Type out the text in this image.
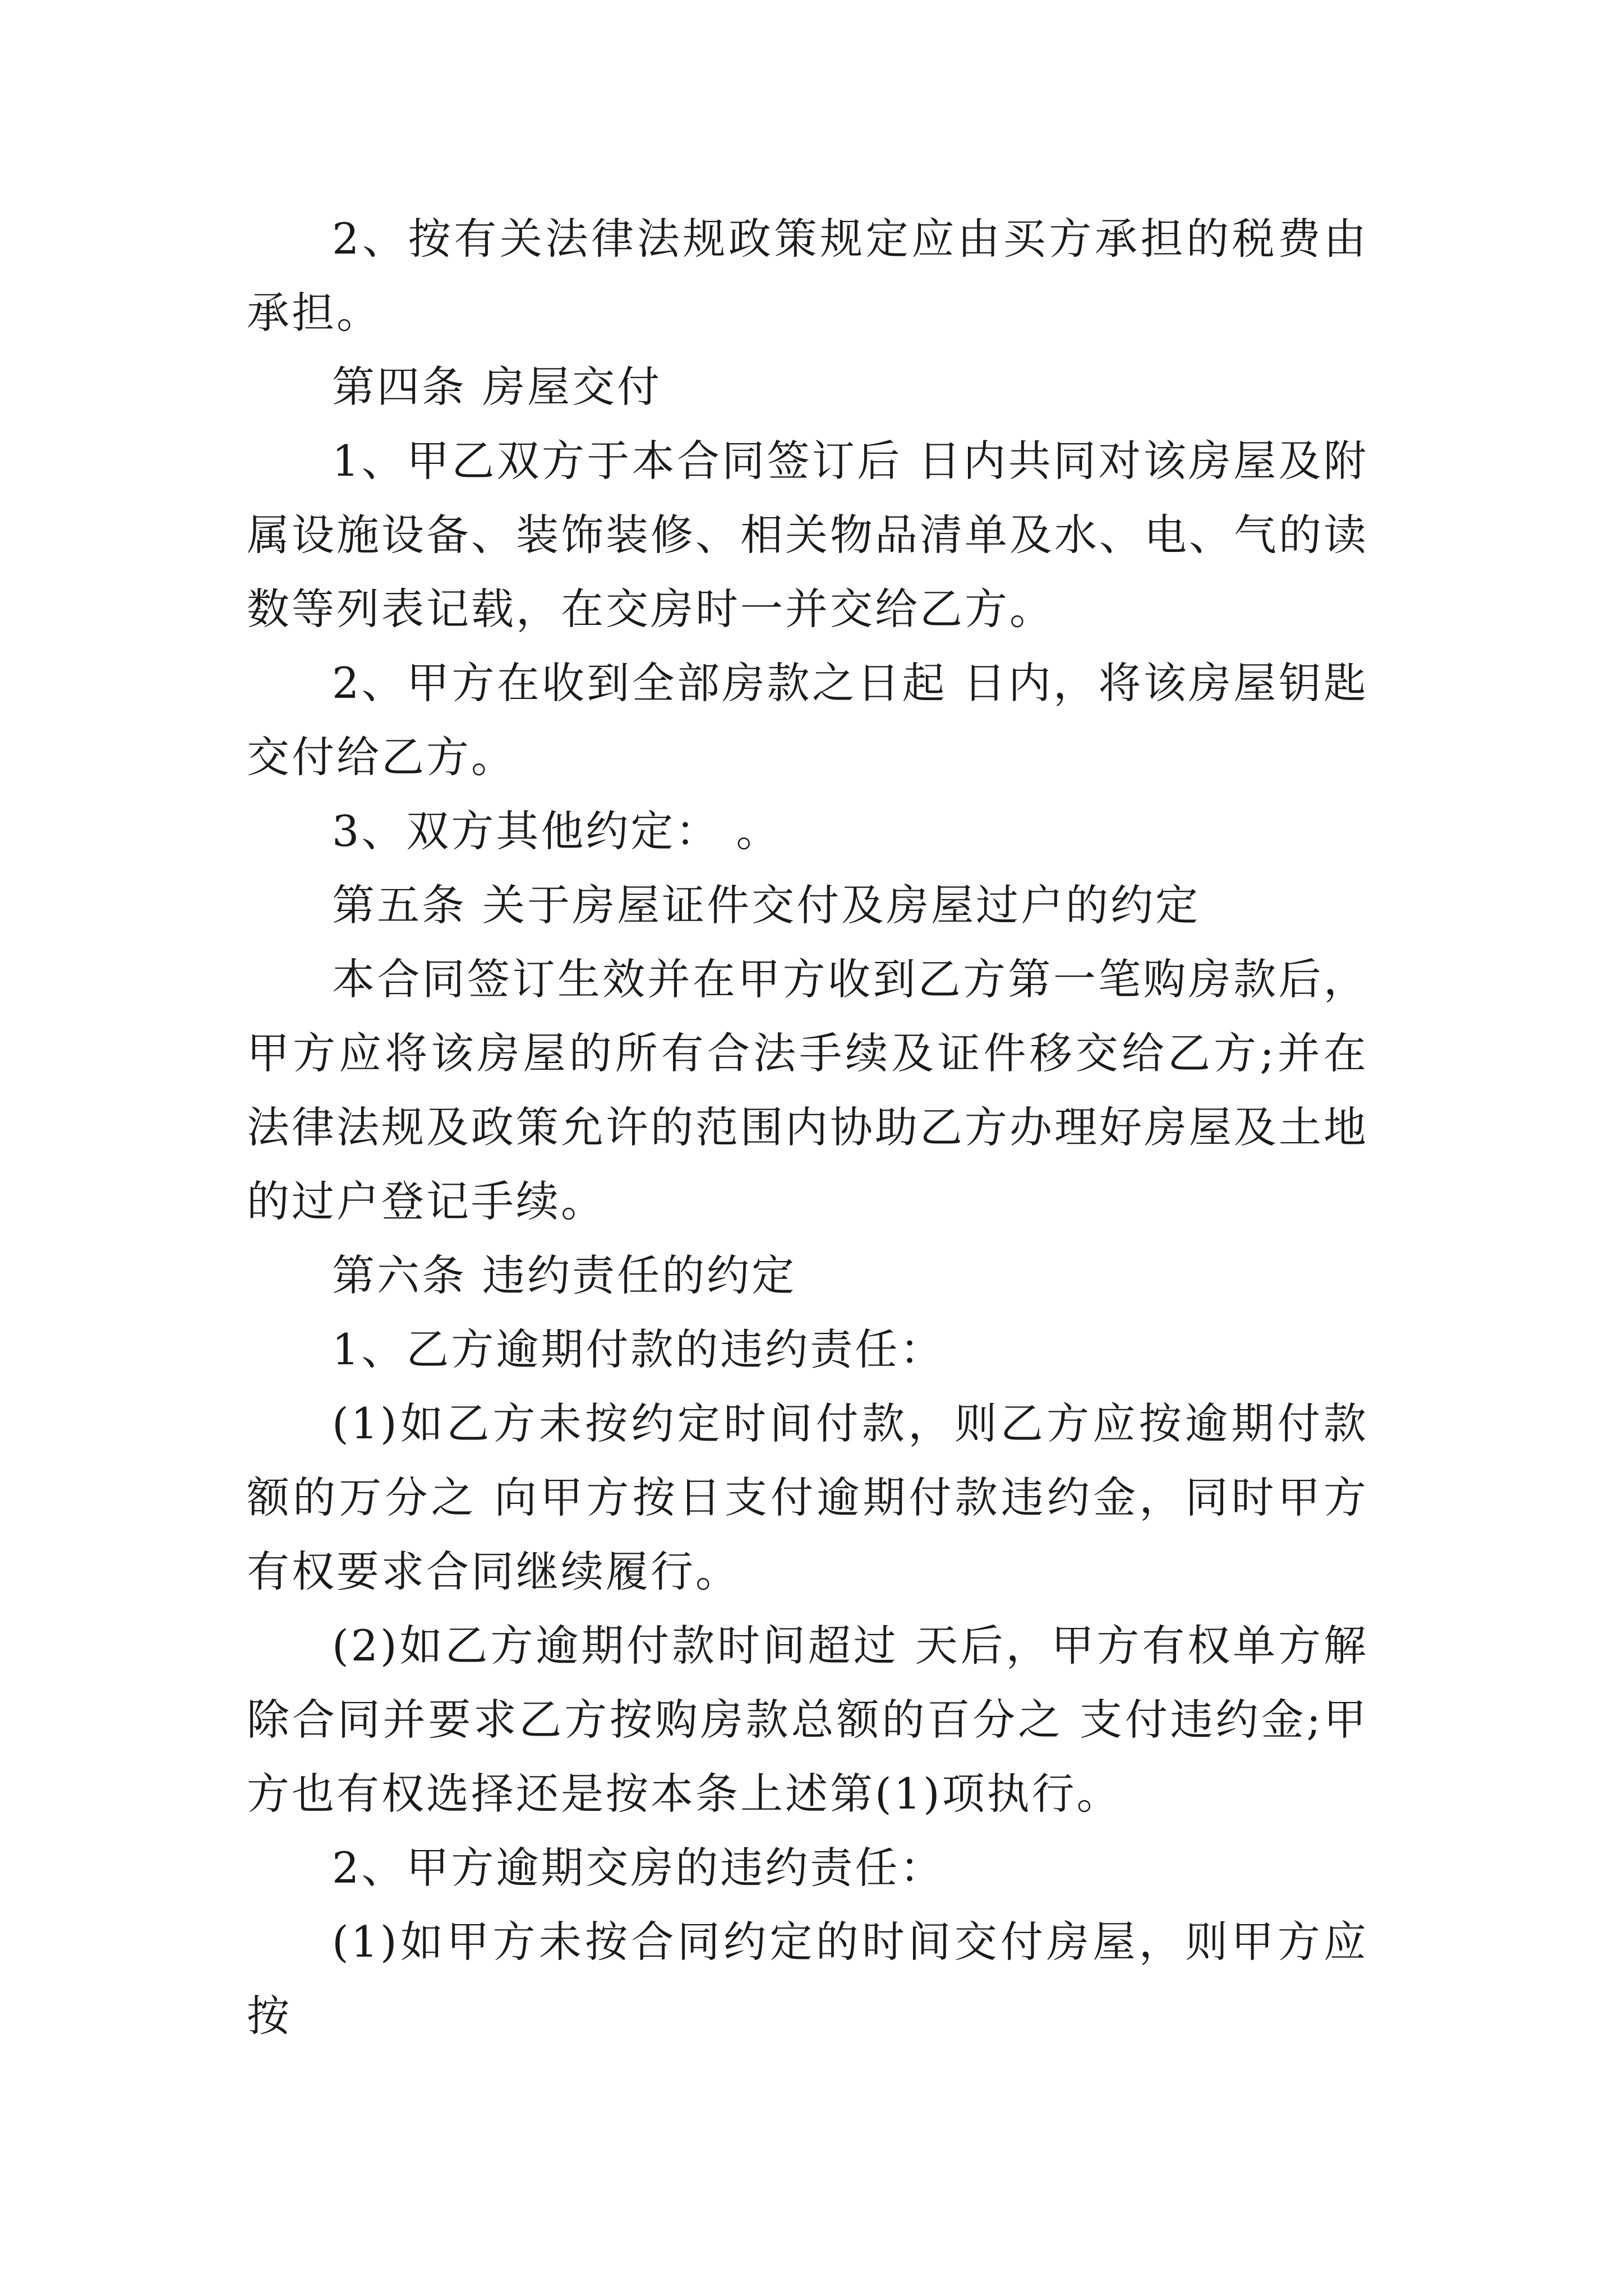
2、按有关法律法规政策规定应由买方承担的税费由 承担。

第四条 房屋交付

1、甲乙双方于本合同签订后 日内共同对该房屋及附属设施设备、装饰装修、相关物品清单及水、电、气的读数等列表记载，在交房时一并交给乙方。

2、甲方在收到全部房款之日起 日内，将该房屋钥匙交付给乙方。

3、双方其他约定： 。

第五条 关于房屋证件交付及房屋过户的约定

本合同签订生效并在甲方收到乙方第一笔购房款后，甲方应将该房屋的所有合法手续及证件移交给乙方;并在法律法规及政策允许的范围内协助乙方办理好房屋及土地的过户登记手续。

第六条 违约责任的约定

1、乙方逾期付款的违约责任：

(1)如乙方未按约定时间付款，则乙方应按逾期付款额的万分之 向甲方按日支付逾期付款违约金，同时甲方有权要求合同继续履行。

(2)如乙方逾期付款时间超过 天后，甲方有权单方解除合同并要求乙方按购房款总额的百分之 支付违约金;甲方也有权选择还是按本条上述第(1)项执行。

2、甲方逾期交房的违约责任：

(1)如甲方未按合同约定的时间交付房屋，则甲方应按
